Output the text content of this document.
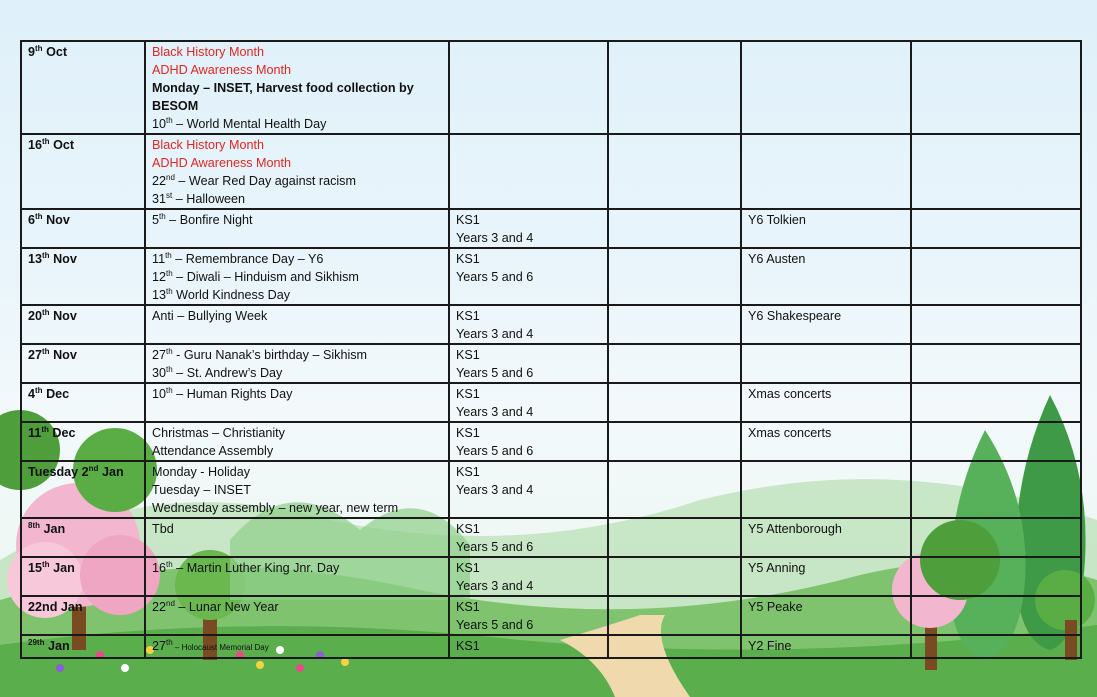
9th Oct	Black History Month
ADHD Awareness Month
Monday – INSET, Harvest food collection by
BESOM
10th – World Mental Health Day				

16th Oct	Black History Month
ADHD Awareness Month
22nd – Wear Red Day against racism
31st – Halloween				

6th Nov	5th – Bonfire Night	KS1
Years 3 and 4		Y6 Tolkien	

13th Nov	11th – Remembrance Day – Y6
12th – Diwali – Hinduism and Sikhism
13th World Kindness Day	KS1
Years 5 and 6		Y6 Austen	

20th Nov	Anti – Bullying Week	KS1
Years 3 and 4		Y6 Shakespeare	

27th Nov	27th - Guru Nanak’s birthday – Sikhism
30th – St. Andrew’s Day	KS1
Years 5 and 6			

4th Dec	10th – Human Rights Day	KS1
Years 3 and 4		Xmas concerts	

11th Dec	Christmas – Christianity
Attendance Assembly	KS1
Years 5 and 6		Xmas concerts	

Tuesday 2nd Jan	Monday - Holiday
Tuesday – INSET
Wednesday assembly – new year, new term	KS1
Years 3 and 4			

$^{8th}$ Jan	Tbd	KS1
Years 5 and 6		Y5 Attenborough	

15th Jan	16th – Martin Luther King Jnr. Day	KS1
Years 3 and 4		Y5 Anning	

22nd Jan	22nd – Lunar New Year	KS1
Years 5 and 6		Y5 Peake	

$^{29th}$ Jan	27th – Holocaust Memorial Day	KS1		Y2 Fine	
